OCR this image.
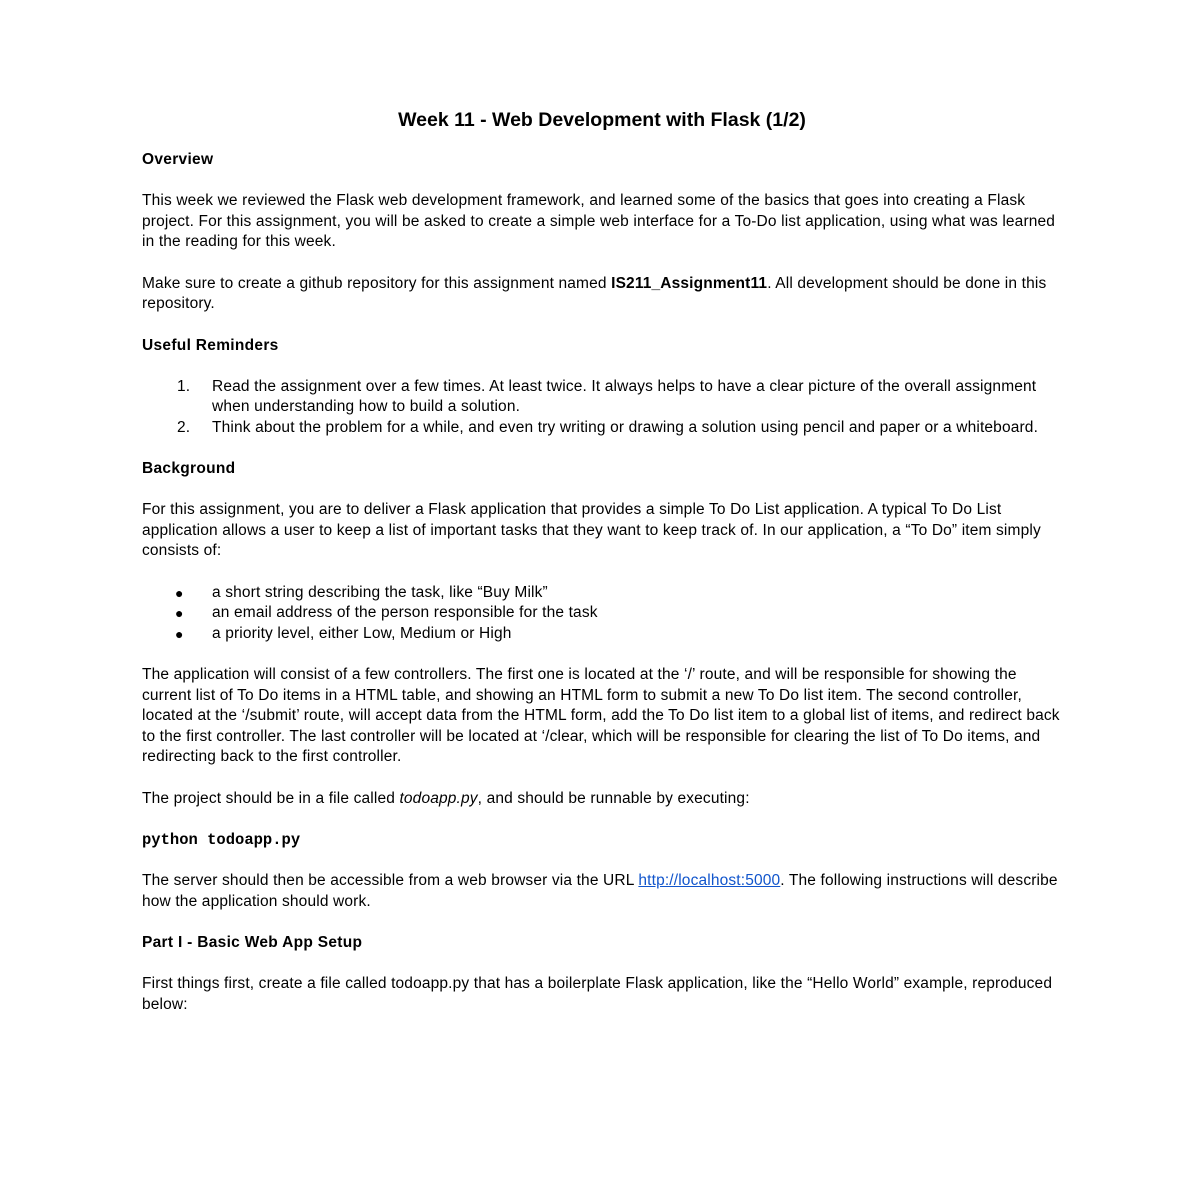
Week 11 - Web Development with Flask (1/2)
Overview

This week we reviewed the Flask web development framework, and learned some of the basics that goes into creating a Flask project. For this assignment, you will be asked to create a simple web interface for a To-Do list application, using what was learned in the reading for this week.

Make sure to create a github repository for this assignment named IS211_Assignment11. All development should be done in this repository.

Useful Reminders
1.	Read the assignment over a few times. At least twice. It always helps to have a clear picture of the overall assignment when understanding how to build a solution.
2.	Think about the problem for a while, and even try writing or drawing a solution using pencil and paper or a whiteboard.
Background

For this assignment, you are to deliver a Flask application that provides a simple To Do List application. A typical To Do List application allows a user to keep a list of important tasks that they want to keep track of. In our application, a “To Do” item simply consists of:

● a short string describing the task, like “Buy Milk”
● an email address of the person responsible for the task
● a priority level, either Low, Medium or High

The application will consist of a few controllers. The first one is located at the ‘/’ route, and will be responsible for showing the current list of To Do items in a HTML table, and showing an HTML form to submit a new To Do list item. The second controller, located at the ‘/submit’ route, will accept data from the HTML form, add the To Do list item to a global list of items, and redirect back to the first controller. The last controller will be located at ‘/clear, which will be responsible for clearing the list of To Do items, and redirecting back to the first controller.

The project should be in a file called todoapp.py, and should be runnable by executing:

python todoapp.py

The server should then be accessible from a web browser via the URL http://localhost:5000. The following instructions will describe how the application should work.

Part I - Basic Web App Setup

First things first, create a file called todoapp.py that has a boilerplate Flask application, like the “Hello World” example, reproduced below:
